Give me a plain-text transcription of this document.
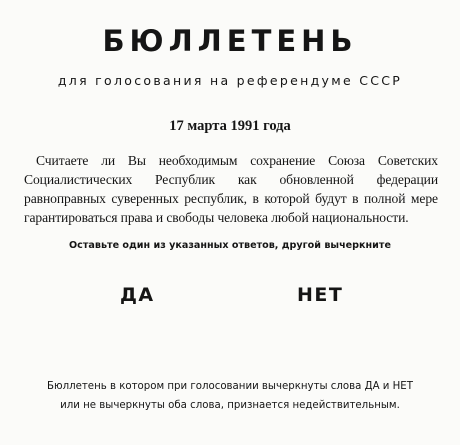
БЮЛЛЕТЕНЬ
для голосования на референдуме СССР
17 марта 1991 года

Считаете ли Вы необходимым сохранение Союза Советских Социалистических Республик как обновленной федерации равноправных суверенных республик, в которой будут в полной мере гарантироваться права и свободы человека любой национальности.

Оставьте один из указанных ответов, другой вычеркните
ДА	НЕТ
Бюллетень в котором при голосовании вычеркнуты слова ДА и НЕТ
или не вычеркнуты оба слова, признается недействительным.
